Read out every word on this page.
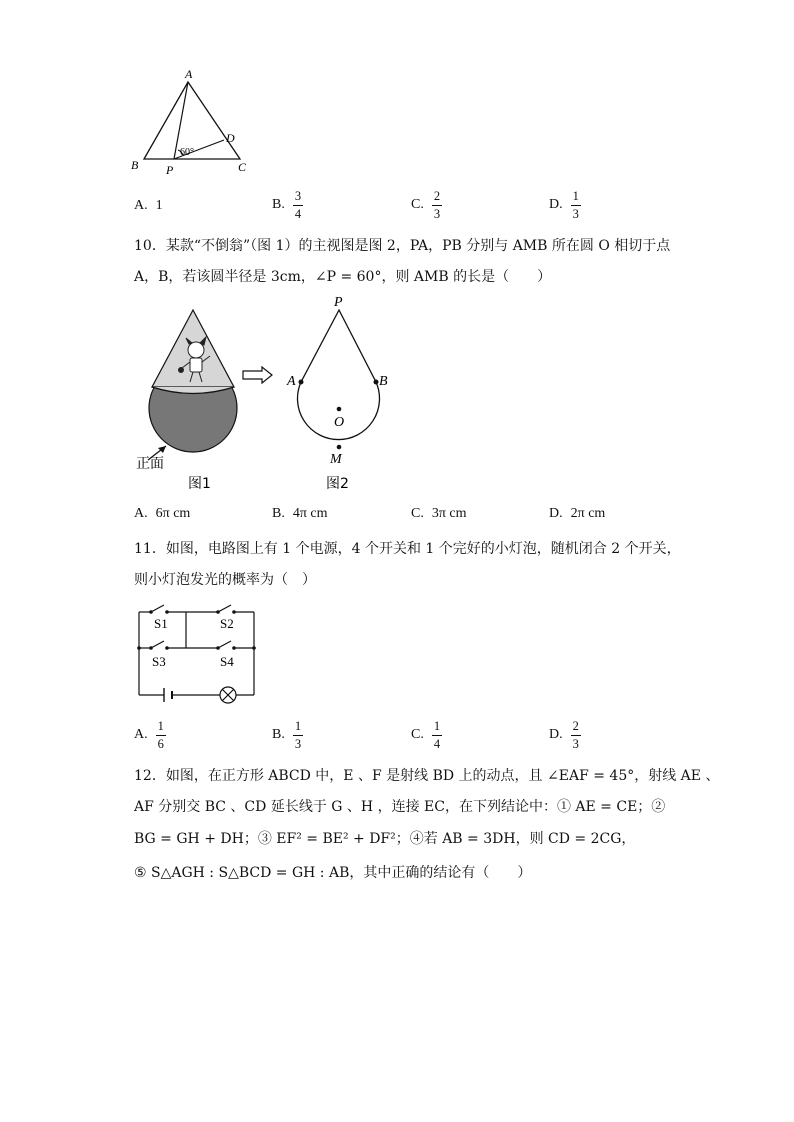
A
B P	C
D
60°
A. 1	B. $\frac{3}{4}$	C. $\frac{2}{3}$	D. $\frac{1}{3}$
10．某款“不倒翁”（图 1）的主视图是图 2，PA，PB 分别与 AMB 所在圆 O 相切于点
A，B，若该圆半径是 3cm，∠P = 60°，则 AMB 的长是（　　）
正面
图1
P
A	B
O
M
图2
A. 6π cm	B. 4π cm	C. 3π cm	D. 2π cm
11．如图，电路图上有 1 个电源，4 个开关和 1 个完好的小灯泡，随机闭合 2 个开关，
则小灯泡发光的概率为（　）
S1	S2
S3	S4
A. $\frac{1}{6}$	B. $\frac{1}{3}$	C. $\frac{1}{4}$	D. $\frac{2}{3}$
12．如图，在正方形 ABCD 中，E 、F 是射线 BD 上的动点，且 ∠EAF = 45°，射线 AE 、
AF 分别交 BC 、CD 延长线于 G 、H ，连接 EC，在下列结论中：① AE = CE；②
BG = GH + DH；③ EF² = BE² + DF²；④若 AB = 3DH，则 CD = 2CG，
⑤ S△AGH : S△BCD = GH : AB，其中正确的结论有（　　）
